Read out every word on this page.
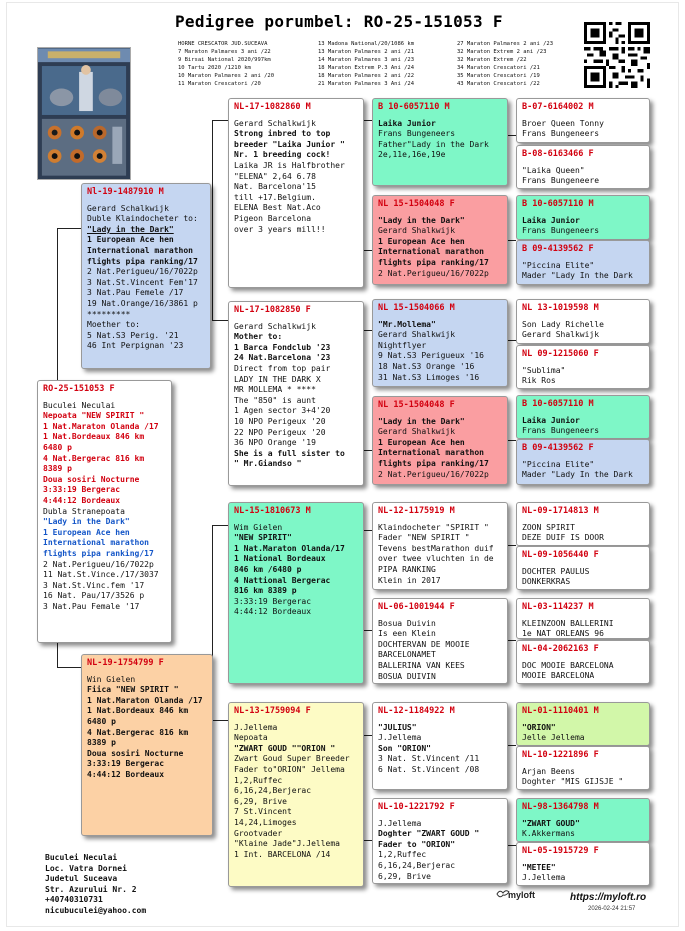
Pedigree porumbel: RO-25-151053 F
HORNE CRESCATOR JUD.SUCEAVA
7 Maraton Palmares 3 ani /22
9 Birsai National 2020/997km
10 Tartu 2020 /1210 km
10 Maraton Palmares 2 ani /20
11 Maraton Crescatori /20
13 Madona National/20/1086 km
13 Maraton Palmares 2 ani /21
14 Maraton Palmares 3 ani /23
18 Maraton Extrem P.3 Ani /24
18 Maraton Palmares 2 ani /22
21 Maraton Palmares 3 Ani /24
27 Maraton Palmares 2 ani /23
32 Maraton Extrem 2 ani /23
32 Maraton Extrem /22
34 Maraton Crescatori /21
35 Maraton Crescatori /19
43 Maraton Crescatori /22
RO-25-151053 F
Buculei Neculai
Nepoata "NEW SPIRIT "
1 Nat.Maraton Olanda /17
1 Nat.Bordeaux 846 km
6480 p
4 Nat.Bergerac 816 km
8389 p
Doua sosiri Nocturne
3:33:19 Bergerac
4:44:12 Bordeaux
Dubla Stranepoata
"Lady in the Dark"
1 European Ace hen
International marathon
flights pipa ranking/17
2 Nat.Perigueu/16/7022p
11 Nat.St.Vince./17/3037
3 Nat.St.Vinc.fem '17
16 Nat. Pau/17/3526 p
3 Nat.Pau Female '17
Nl-19-1487910 M
Gerard Schalkwijk
Duble Klaindocheter to:
"Lady in the Dark"
1 European Ace hen
International marathon
flights pipa ranking/17
2 Nat.Perigueu/16/7022p
3 Nat.St.Vincent Fem'17
3 Nat.Pau Femele /17
19 Nat.Orange/16/3861 p
*********
Moether to:
5 Nat.S3 Perig. '21
46 Int Perpignan '23
NL-19-1754799 F
Win Gielen
Fiica "NEW SPIRIT "
1 Nat.Maraton Olanda /17
1 Nat.Bordeaux 846 km
6480 p
4 Nat.Bergerac 816 km
8389 p
Doua sosiri Nocturne
3:33:19 Bergerac
4:44:12 Bordeaux
NL-17-1082860 M
Gerard Schalkwijk
Strong inbred to top
breeder "Laika Junior "
Nr. 1 breeding cock!
Laika JR is Halfbrother
"ELENA" 2,64 6.78
Nat. Barcelona'15
till +17.Belgium.
ELENA Best Nat.Aco
Pigeon Barcelona
over 3 years mill!!
NL-17-1082850 F
Gerard Schalkwijk
Mother to:
1 Barca Fondclub '23
24 Nat.Barcelona '23
Direct from top pair
LADY IN THE DARK X
MR MOLLEMA * ****
The "850" is aunt
1 Agen sector 3+4'20
10 NPO Perigeux '20
22 NPO Perigeux '20
36 NPO Orange '19
She is a full sister to
" Mr.Giandso "
NL-15-1810673 M
Wim Gielen
"NEW SPIRIT"
1 Nat.Maraton Olanda/17
1 National Bordeaux
846 km /6480 p
4 Nattional Bergerac
816 km 8389 p
3:33:19 Bergerac
4:44:12 Bordeaux
NL-13-1759094 F
J.Jellema
Nepoata
"ZWART GOUD ""ORION "
Zwart Goud Super Breeder
Fader to"ORION" Jellema
1,2,Ruffec
6,16,24,Berjerac
6,29, Brive
7 St.Vincent
14,24,Limoges
Grootvader
"Klaine Jade"J.Jellema
1 Int. BARCELONA /14
B 10-6057110 M
Laika Junior
Frans Bungeneers
Father"Lady in the Dark
2e,11e,16e,19e
NL 15-1504048 F
"Lady in the Dark"
Gerard Shalkwijk
1 European Ace hen
International marathon
flights pipa ranking/17
2 Nat.Perigueu/16/7022p
NL 15-1504066 M
"Mr.Mollema"
Gerard Shalkwijk
Nightflyer
9 Nat.S3 Perigueux '16
18 Nat.S3 Orange '16
31 Nat.S3 Limoges '16
NL 15-1504048 F
"Lady in the Dark"
Gerard Shalkwijk
1 European Ace hen
International marathon
flights pipa ranking/17
2 Nat.Perigueu/16/7022p
NL-12-1175919 M
Klaindocheter "SPIRIT "
Fader "NEW SPIRIT "
Tevens bestMarathon duif
over twee vluchten in de
PIPA RANKING
Klein in 2017
NL-06-1001944 F
Bosua Duivin
Is een Klein
DOCHTERVAN DE MOOIE
BARCELONAMET
BALLERINA VAN KEES
BOSUA DUIVIN
NL-12-1184922 M
"JULIUS"
J.Jellema
Son "ORION"
3 Nat. St.Vincent /11
6 Nat. St.Vincent /08
NL-10-1221792 F
J.Jellema
Doghter "ZWART GOUD "
Fader to "ORION"
1,2,Ruffec
6,16,24,Berjerac
6,29, Brive
B-07-6164002 M
Broer Queen Tonny
Frans Bungeneers
B-08-6163466 F
"Laika Queen"
Frans Bungeneere
B 10-6057110 M
Laika Junior
Frans Bungeneers
B 09-4139562 F
"Piccina Elite"
Mader "Lady In the Dark
NL 13-1019598 M
Son Lady Richelle
Gerard Shalkwijk
NL 09-1215060 F
"Sublima"
Rik Ros
B 10-6057110 M
Laika Junior
Frans Bungeneers
B 09-4139562 F
"Piccina Elite"
Mader "Lady In the Dark
NL-09-1714813 M
ZOON SPIRIT
DEZE DUIF IS DOOR
NL-09-1056440 F
DOCHTER PAULUS
DONKERKRAS
NL-03-114237 M
KLEINZOON BALLERINI
1e NAT ORLEANS 96
NL-04-2062163 F
DOC MOOIE BARCELONA
MOOIE BARCELONA
NL-01-1110401 M
"ORION"
Jelle Jellema
NL-10-1221896 F
Arjan Beens
Doghter "MIS GIJSJE "
NL-98-1364798 M
"ZWART GOUD"
K.Akkermans
NL-05-1915729 F
"METEE"
J.Jellema
Buculei Neculai
Loc. Vatra Dornei
Judetul Suceava
Str. Azurului Nr. 2
+40740310731
nicubuculei@yahoo.com
myloft	https://myloft.ro
2026-02-24 21:57
